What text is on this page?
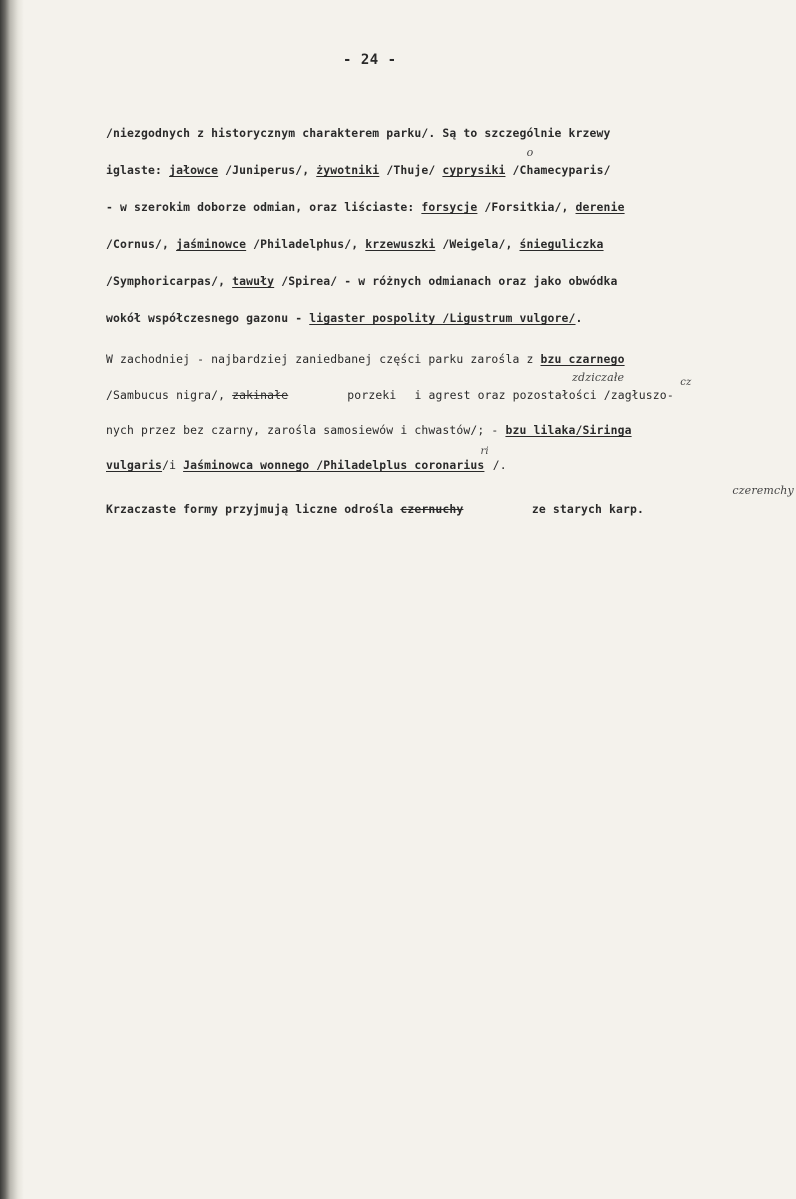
- 24 -
/niezgodnych z historycznym charakterem parku/. Są to szczególnie krzewy
iglaste: jałowce /Juniperus/, żywotniki /Thuje/ cyprysiki /Chamecyparis/
o
- w szerokim doborze odmian, oraz liściaste: forsycje /Forsitkia/, derenie
/Cornus/, jaśminowce /Philadelphus/, krzewuszki /Weigela/, śnieguliczka
/Symphoricarpas/, tawuły /Spirea/ - w różnych odmianach oraz jako obwódka
wokół współczesnego gazonu - ligaster pospolity /Ligustrum vulgore/.
W zachodniej - najbardziej zaniedbanej części parku zarośla z bzu czarnego
/Sambucus nigra/, zakinałezdziczałe porzekicz i agrest oraz pozostałości /zagłuszo-
nych przez bez czarny, zarośla samosiewów i chwastów/; - bzu lilaka/Siringa
vulgaris/i Jaśminowca wonnego /Philadelplus coronariusri/.
Krzaczaste formy przyjmują liczne odrośla czernuchyczeremchy ze starych karp.
